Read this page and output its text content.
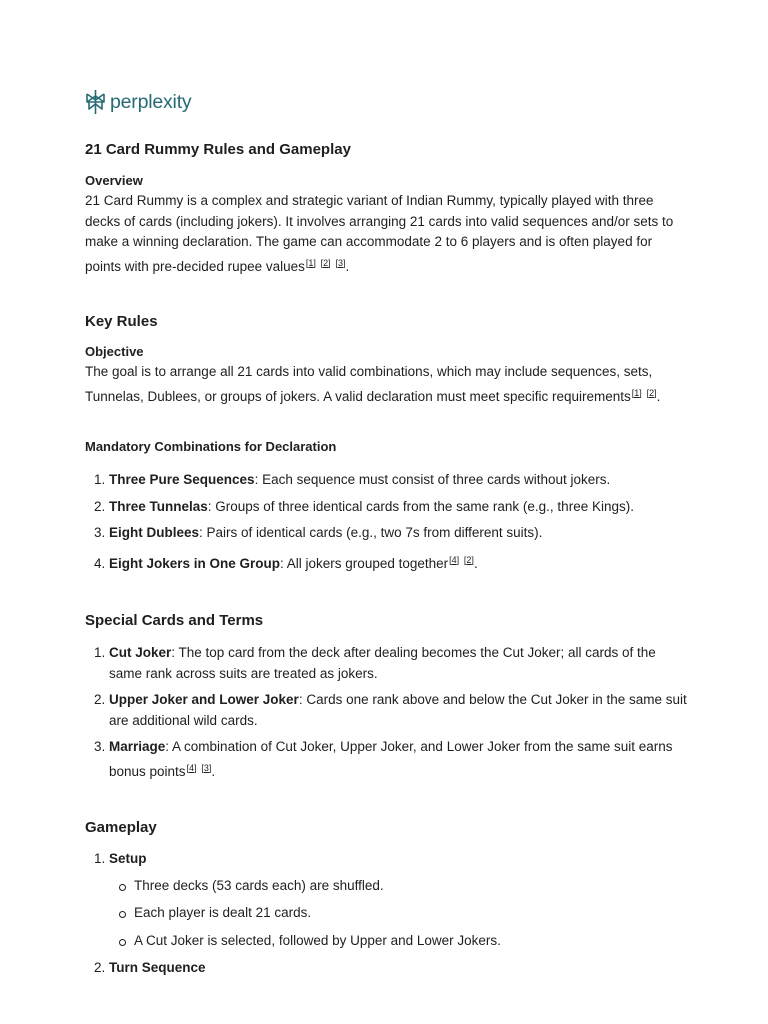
perplexity
21 Card Rummy Rules and Gameplay
Overview

21 Card Rummy is a complex and strategic variant of Indian Rummy, typically played with three decks of cards (including jokers). It involves arranging 21 cards into valid sequences and/or sets to make a winning declaration. The game can accommodate 2 to 6 players and is often played for points with pre-decided rupee values[1] [2] [3].

Key Rules
Objective

The goal is to arrange all 21 cards into valid combinations, which may include sequences, sets, Tunnelas, Dublees, or groups of jokers. A valid declaration must meet specific requirements[1] [2].

Mandatory Combinations for Declaration
1. Three Pure Sequences: Each sequence must consist of three cards without jokers.
2. Three Tunnelas: Groups of three identical cards from the same rank (e.g., three Kings).
3. Eight Dublees: Pairs of identical cards (e.g., two 7s from different suits).
4. Eight Jokers in One Group: All jokers grouped together[4] [2].
Special Cards and Terms
1. Cut Joker: The top card from the deck after dealing becomes the Cut Joker; all cards of the same rank across suits are treated as jokers.
2. Upper Joker and Lower Joker: Cards one rank above and below the Cut Joker in the same suit are additional wild cards.
3. Marriage: A combination of Cut Joker, Upper Joker, and Lower Joker from the same suit earns bonus points[4] [3].
Gameplay
1. Setup
Three decks (53 cards each) are shuffled.
Each player is dealt 21 cards.
A Cut Joker is selected, followed by Upper and Lower Jokers.
2. Turn Sequence
